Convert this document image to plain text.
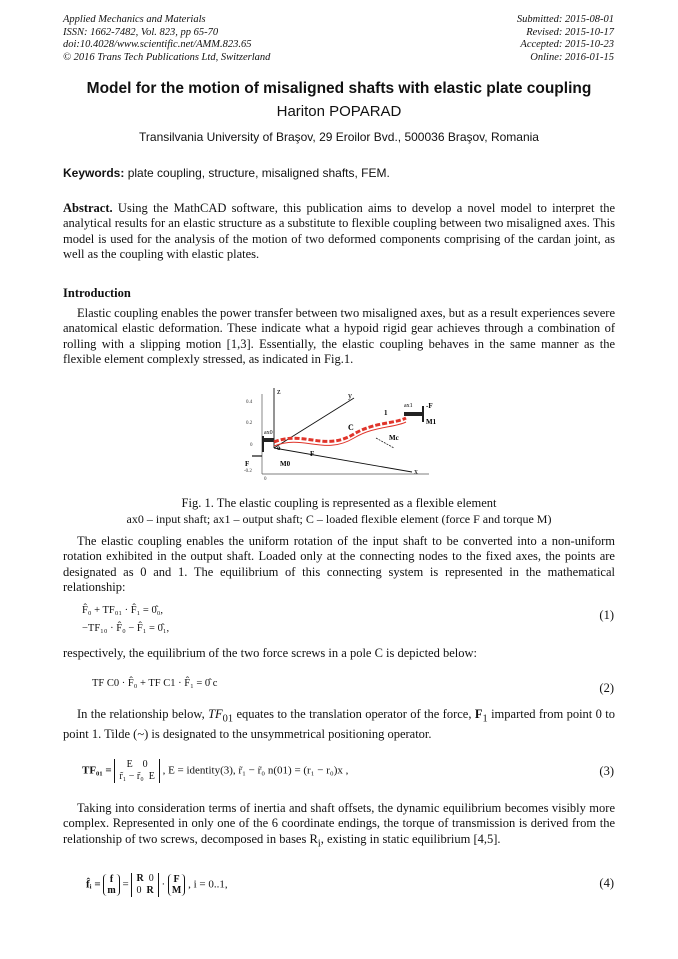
Applied Mechanics and Materials
ISSN: 1662-7482, Vol. 823, pp 65-70
doi:10.4028/www.scientific.net/AMM.823.65
© 2016 Trans Tech Publications Ltd, Switzerland
Submitted: 2015-08-01
Revised: 2015-10-17
Accepted: 2015-10-23
Online: 2016-01-15
Model for the motion of misaligned shafts with elastic plate coupling
Hariton POPARAD
Transilvania University of Braşov, 29 Eroilor Bvd., 500036 Braşov, Romania
Keywords: plate coupling, structure, misaligned shafts, FEM.

Abstract. Using the MathCAD software, this publication aims to develop a novel model to interpret the analytical results for an elastic structure as a substitute to flexible coupling between two misaligned axes. This model is used for the analysis of the motion of two deformed components comprising of the cardan joint, as well as the coupling with elastic plates.

Introduction

Elastic coupling enables the power transfer between two misaligned axes, but as a result experiences severe anatomical elastic deformation. These indicate what a hypoid rigid gear achieves through a combination of rolling with a slipping motion [1,3]. Essentially, the elastic coupling behaves in the same manner as the flexible element complexly stressed, as indicated in Fig.1.

0.4
0.2
0
-0.2
0
z	y
x
ax0
C
ax1
1
-F
M1
Mc
o
F
F	M0
Fig. 1. The elastic coupling is represented as a flexible element
ax0 – input shaft; ax1 – output shaft; C – loaded flexible element (force F and torque M)

The elastic coupling enables the uniform rotation of the input shaft to be converted into a non-uniform rotation exhibited in the output shaft. Loaded only at the connecting nodes to the fixed axes, the points are designated as 0 and 1. The equilibrium of this connecting system is represented in the mathematical relationship:

F̂₀ + TF₀₁ · F̂₁ = 0̂₀,
−TF₁₀ · F̂₀ − F̂₁ = 0̂₁,
(1)

respectively, the equilibrium of the two force screws in a pole C is depicted below:

TF C0 · F̂₀ + TF C1 · F̂₁ = 0̂ c	(2)

In the relationship below, $TF_{01}$ equates to the translation operator of the force, $F_1$ imparted from point 0 to point 1. Tilde (~) is designated to the unsymmetrical positioning operator.

TF₀₁ = E 0
r̃₁ − r̃₀ E , E = identity(3), r̃₁ − r̃₀ n(01) = (r₁ − r₀)x ,	(3)

Taking into consideration terms of inertia and shaft offsets, the dynamic equilibrium becomes visibly more complex. Represented in only one of the 6 coordinate endings, the torque of transmission is derived from the relationship of two screws, decomposed in bases $R_i$, existing in static equilibrium [4,5].

f̂ᵢ = f
m = R 0
0 R · F
M , i = 0..1,	(4)
